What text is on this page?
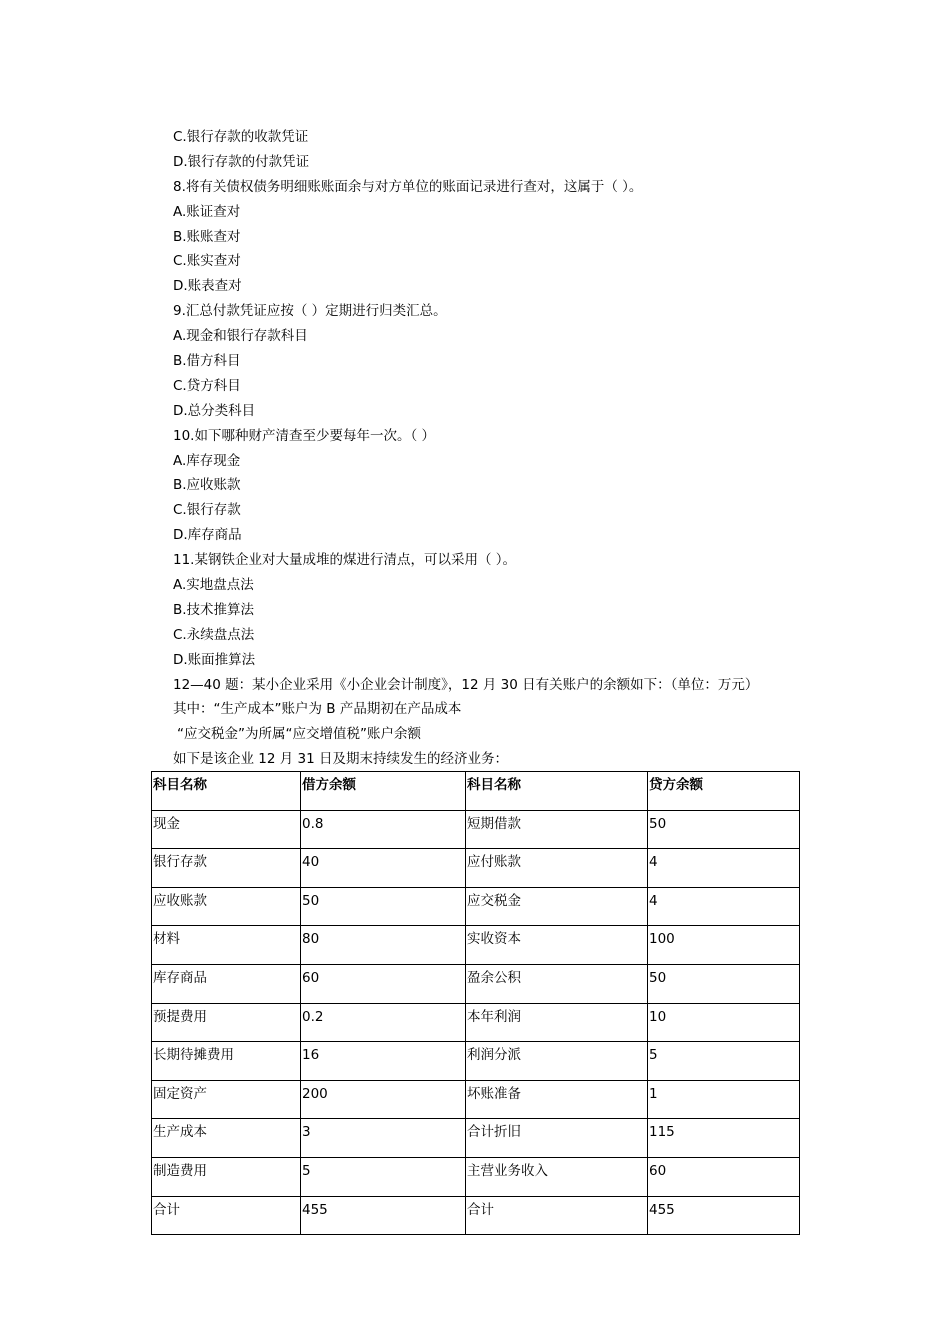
C.银行存款的收款凭证
D.银行存款的付款凭证
8.将有关债权债务明细账账面余与对方单位的账面记录进行查对，这属于（ ）。
A.账证查对
B.账账查对
C.账实查对
D.账表查对
9.汇总付款凭证应按（ ）定期进行归类汇总。
A.现金和银行存款科目
B.借方科目
C.贷方科目
D.总分类科目
10.如下哪种财产清查至少要每年一次。（ ）
A.库存现金
B.应收账款
C.银行存款
D.库存商品
11.某钢铁企业对大量成堆的煤进行清点，可以采用（ ）。
A.实地盘点法
B.技术推算法
C.永续盘点法
D.账面推算法
12—40 题：某小企业采用《小企业会计制度》，12 月 30 日有关账户的余额如下：（单位：万元）
其中：“生产成本”账户为 B 产品期初在产品成本
“应交税金”为所属“应交增值税”账户余额
如下是该企业 12 月 31 日及期末持续发生的经济业务：
科目名称	借方余额	科目名称	贷方余额
现金	0.8	短期借款	50
银行存款	40	应付账款	4
应收账款	50	应交税金	4
材料	80	实收资本	100
库存商品	60	盈余公积	50
预提费用	0.2	本年利润	10
长期待摊费用	16	利润分派	5
固定资产	200	坏账准备	1
生产成本	3	合计折旧	115
制造费用	5	主营业务收入	60
合计	455	合计	455
